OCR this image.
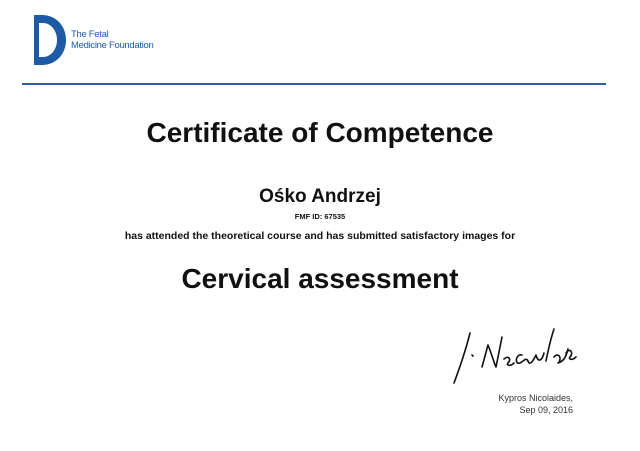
The Fetal
Medicine Foundation
Certificate of Competence
Ośko Andrzej
FMF ID: 67535
has attended the theoretical course and has submitted satisfactory images for
Cervical assessment
Kypros Nicolaides,
Sep 09, 2016
